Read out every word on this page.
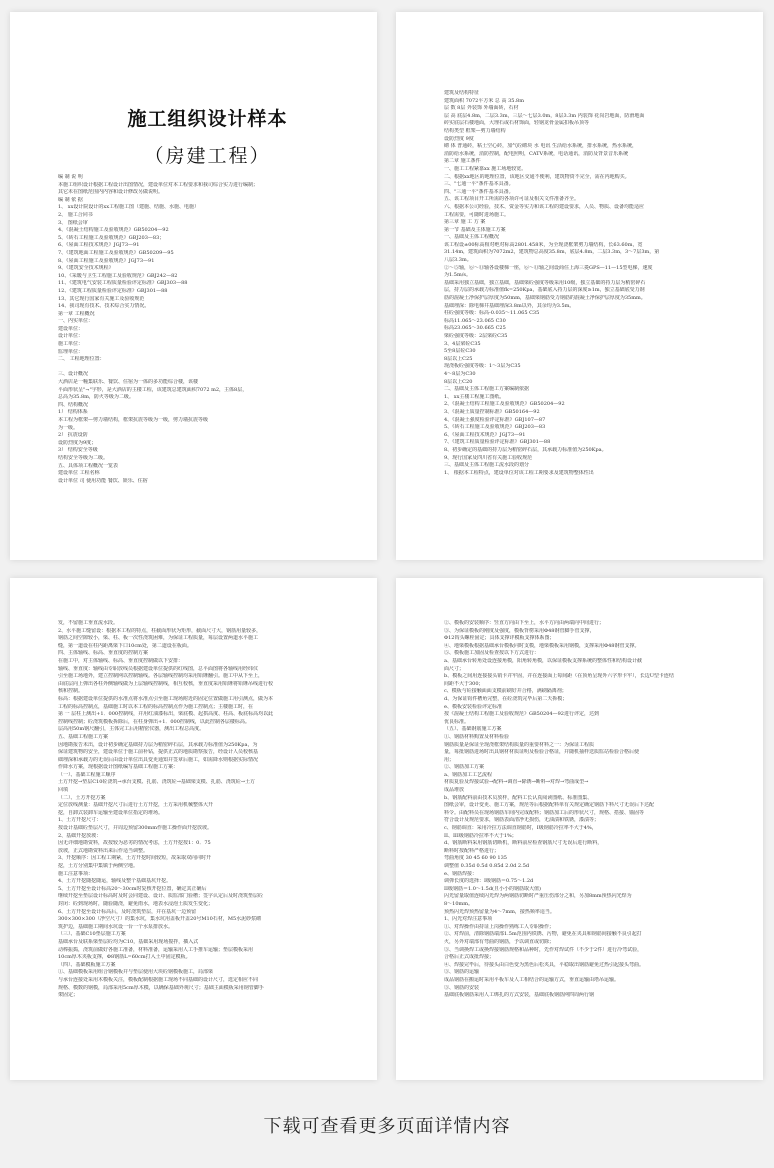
施工组织设计样本
（房建工程）
编 制 说 明
本施工组织设计根据工程设计出图情况，建设单位对本工程要求和我司综合实力进行编制；
其它未在图纸范围内内容和设计修改另做说明。
编 制 依 据
1、 xx设计院设计的xx工程施工图（建施、结施、水施、电施）
2、 施工合同书
3、 图纸会审
4、《混凝土结构施工及验收规范》GB50204—92
5、《砖石工程施工及验收规范》GBJ203—83；
6、《屋面工程技术规范》JGJ73—91
7、《建筑地面工程施工及验收规范》GB50209—95
8、《屋面工程施工及验收规范》JGJ73—91
9、《建筑安全技术规程》
10、《采暖与卫生工程施工及验收规范》GBJ242—82
11、《建筑电气安装工程质量检验评定标准》GBJ303—88
12、《建筑工程质量检验评定标准》GBJ301—88
13、其它现行国家有关施工及验收规范
14、我司现有技术、技术综合实力情况。
第一章 工程概况
一、内实单位：
建设单位：
设计单位：
施工单位：
监理单位：
二、 工程地理位置：

三、设计概况
大酒店是一幢集联乐、餐饮、住宿为一体的多功能综合楼，该楼
平面形状呈"¬"字形，是大酒店的主楼工程，该建筑总建筑面积7072 m2，主体8层，
总高为35.8m，防火等级为二级。
四、结构概况
1） 结构体系
本工程为框架—剪力墙结构，框架抗震等级为一级，剪力墙抗震等级
为一级。
2） 抗震设防
设防烈度为9度；
3） 结构安全等级
结构安全等级为二级。
五、具体项工程概况一览表
建设单位 工程名称
设计单位 司 使用功能 餐饮、娱乐、住宿
建筑及结构特征
建筑面积 7072平方米 总 高 35.8m
层 数 8层 外装饰 外墙面砖，石材
层 高 底层4.8m，二层3.3m，三层～七层3.0m，8层3.3m 内装饰 花岗岩地面，防滑地面
砖实底层石楼地面，大理石或石材饰面，轻钢龙骨金属扣板吊顶等
结构类型 框架—剪力墙结构
设防烈度 9度
砌 体 普通砖，粘土空心砖，加气砼砌块 水 电讯 生活给水系统，排水系统，热水系统，
消防给水系统，消防控制，配电照明，CATV系统，电话通讯，消防及背景音乐系统
第二章 施工条件
一、施工工程紧靠xx 施工场地较宽。
二、根据xx地区的地理位置，该地区交通不便利，建筑物资不完全，需在内地购买。
三、"七通一平"条件基本具备。
四、"三通一平"条件基本具备。
五、该工程项目开工所需的各项许可证及相关文件准备齐全。
六、根据本公司经验，技术、资金等实力和该工程的建设要求，人员、物质、设备均能适应
工程需要，可随时进场施工。
第三章 施 工 方 案
第一节 基础及主体施工方案
一、基础及主体工程概况
该工程设±00标高相对绝对标高2801.458米，为全现浇框架剪力墙结构，长63.60m，宽
31.14m，建筑面积为7072m2，建筑物总高度35.8m，底层4.8m，二层3.3m，3～7层3m，第
八层3.3m。
②～⑤轴，⑥～⑪轴各设楼梯一座，⑥～⑪轴之间设商住上海三菱GPS—11—15型电梯，速度
为1.5m/s。
基础采用独立基础，独立基础，基础梁砼强度等级采用10级，独立基础的持力层为稍密碎石
层，持力层的承载力标准值fk=250Kpa，基础底入持力层的深度≥1m，独立基础底受力钢
筋的混凝土净保护层厚度为50mm，基础梁钢筋受力钢筋的混凝土净保护层厚度为35mm。
基础埋深：除电梯井基础埋深3.8m以外，其余均为3.5m。
柱砼强度等级：标高-0.035～11.065 C35
标高11.065～23.065 C30
标高23.065～30.665 C25
梁砼强度等级：2层梁砼C35
3、4层梁砼C35
5至8层砼C30
8层以上C25
现浇板砼强度等级：1～3层为C35
4～8层为C30
8层以上C20
二、基础及主体工程施工方案编制依据
1、 xx主楼工程施工图纸。
2、《混凝土结构工程施工及验收规范》GB50204—92
3、《混凝土质量控制标准》GB50164—92
4、《混凝土强度检验评定标准》GBJ107—87
5、《砖石工程施工及验收规范》GBJ203—83
6、《屋面工程技术规范》JGJ73—91
7、《建筑工程质量检验评定标准》GBJ301—88
8、初步确定的基础的持力层为稍密碎石层，其承载力标准值为250Kpa。
9、现行国家及四川省有关施工验收规范
三、基础及主体工程施工流水段的划分
1、 根据本工程特点，建设单位对该工程工期要求及建筑物整体性出
发，不留施工垂直流水段。
2、水平施工缝留设：根据本工程的特点，柱截面形状为矩形，截面尺寸大，钢筋用量较多，
钢筋之间空隙较小，梁、柱、板一次性浇筑困难，为保证工程质量，每层设置两道水平施工
缝，第一道设在柱内距离梁下口10cm处，第二道设在板面。
四、主体轴线、标高、垂直度的控制方案
在施工中，对主体轴线、标高、垂直度控制做以下安排：
轴线、垂直度：轴线由专职放线员根据建设单位提供的红线图，总平面图将各轴线用经纬仪
引至施工场地外，建立控制网以控制轴线。各层轴线控制均采用铅锤翻引。施工中从下至上，
由底层向上弹出各柱外侧轴线做为上层轴线控制线，相互校核，垂直度采用铅锤将铅锤吊线进行校
核和控制。
标高：根据建设单位提供的水准点将水准点引至施工现场附近的固定位置做施工用引测点，做为本
工程的标高控制点，基础施工时以本工程的标高控制点作为施工控制点；主楼施工时，在
第 一 层柱上测出+1．000控制线，并用红油漆标出，梁底模、起拱高度、柱高、板底标高均以此
控制线控制；砼浇筑模板拆除后，在柱身弹出+1．000控制线，以此控制各层楼标高。
层高用50m钢尺翻引，主体完工后用精密仪器，测出工程总高度。
五、基础工程施工方案
因地勘报告未出，设计初步确定基础持力层为稍密碎石层，其承载力标准值为250Kpa，为
保证建筑物的安全，建设单位于施工前补钻，提供正式的地质勘察报告，经设计人员校核基
础埋深和承载力的无误后由设计单位出具变更通知并签章后施工，如需降水则根据实际情况
作降水方案，现根据设计图纸编写基础工程施工方案：
（一）、基础工程施工顺序
土方开挖→垫层C10砼浇筑→承台支模、扎筋、浇筑砼→基础梁支模、扎筋、浇筑砼→土方
回填
（二）、土方开挖方案
定位放线测量：基础开挖尺寸后进行土方开挖，土方采用机械整体大开
挖，自卸式装卸车运输至建设单位指定的堆场。
1、土方开挖尺寸：
按设计基础砼垫层尺寸，并周边预留300mm作施工操作面开挖放坡。
2、基础开挖放坡：
因无详细地勘资料，故按较为恶劣的情况考虑，土方开挖按1：0．75
放坡，正式地勘资料出来后作适当调整。
3、开挖顺序：因工程工期紧，土方开挖时间较短，故采取双向同时开
挖，土方分别集中集镇于两侧空地。
施工注意事项：
4、土方开挖随挖随运，轴线及整个基础基坑开挖。
5、土方开挖至设计标高20～30cm时复核开挖位置，确定其正确后
继续开挖至垫层设计标高时及时会同建设、设计、质监部门验槽；签字认定后及时浇筑垫层砼
封闭：砼到现场时，随验随浇，避免雨水，地表水浸泡土质发生变化；
6、土方开挖至设计标高后，及时浇筑垫层，并在基坑一边预留
300×300×300（净空尺寸）的集水坑，集水坑用盖板开盖20号M10石材，M5水泥砂浆砌
筑护边，基础施工期间水坑设一台一个水泵排放水。
（三）、基础C10垫层施工方案
基础承台及联系梁垫层砼均为C10，基础采用现场搅拌，插入式
动棒振捣，浇筑前做好各施工准备，材料准备，运输采用人工手推车运输；垫层模板采用
10cm厚木夹板支撑，Φ8钢筋L=60cm打入土中固定模板。
（四）、基础模板施工方案
①、基础模板采用组合钢模板并与垫层使用大块砼钢模板施工，局部梁
与承台连接处采用木模板关注，模板配制根据施工现场不同基础的设计尺寸，选定相应不同
规格、模数的钢模，局部采用5cm厚木模，以确保基础外观尺寸；基础主面模板采用钢管脚手
架固定；
②、模板的安装顺序：竖直方向由下至上，水平方向由两端向中间进行；
③、为保证模板的刚度及强度，模板背楞采用Φ48钢管脚手管支撑，
Φ12钩头螺栓固定；具体支撑详模板支撑体系图；
④、地梁模板根据基础承台模板同时支模，地梁模板采用钢模，支撑采用Φ48钢管支撑。
⑤、模板施工加固及检查按以下方式进行：
a、基础承台转角处设连接角模，阳角转角模，以保证模板支撑系统的整体性和结构设计截
面尺寸；
b、模板之间用连接接头销卡并牢固，并在连接面上每间距（在顶角呈现外六字形卡牢），长边U型卡连结
间距不大于300；
c、模板与砼接触面面支模前刷好并合格，满刷隔离剂；
d、为保证钩件槽角完整，在砼浇筑完毕后第二天拆模；
e、模板安装检验评定标准
按《混凝土结构工程施工及验收规范》GB50204—92进行评定，达到
优良标准。
（五）、基础钢筋施工方案
①、钢筋材料购置及材料检验
钢筋质量是保证全现浇框架结构质量的重要材料之一：为保证工程质
量，每批钢筋进场时出具钢材材质证明及检验合格证，并随机抽样送质监站检验合格后使
用；
②、钢筋加工方案
a、钢筋加工工艺流程
材质复验及焊接试验→配料→调直→除锈→断料→对焊→弯曲成型→
成品堆放
b、钢筋配料前由技术员放样，配料工长认真阅读图纸、标准图集、
图纸会审，设计变更、施工方案，规范等后根据配料单有关规定确定钢筋下料尺寸无误后下达配
料令。由配料员在现场钢筋车间内完成配料；钢筋加工后的形状尺寸，规格、搭接、锚固等
符合设计及规范要求，钢筋表面清净无损伤，无油渍和铁锈，漆渍等；
c、钢筋调直：采用冷拉方法调直钢筋时，I级钢筋冷拉率不大于4%，
II、III级钢筋冷拉率不大于1%；
d、钢筋断料采用钢筋切断机，断料前应检查钢筋尺寸无误后进行断料，
断料时按配料严格进行；
弯曲角度 30 45 60 90 135
调整值 0.35d 0.5d 0.85d 2.0d 2.5d
e、钢筋焊接：
调弹长度的选择：I级钢筋＝0.75～1.2d
II级钢筋＝1.0～1.5d(且小小的钢筋取大值)
闪光留量取值连续闪光焊为两钢筋切断时严重压伤部分之和，另加8mm预热闪光焊为
8～10mm。
预热闪光焊预热留量为4～7mm，接热频率适当。
1、闪光对焊注意事项
①、对焊操作由持证上岗操作熟练工人专职操作；
②、对焊前，清除钢筋端部1.5m范围内铁锈、污物，避免在夹具和钢筋间接触不良引起打
火，另外对端部有弯曲的钢筋，予以调直或切除；
③、当调换焊工或换焊接钢筋规格和品种时，先作对焊试件（不少于2件）进行冷弯试验，
合格后正式成批焊接；
④、焊接完毕后，待接头由白色变为黑色后松夹具，平稳取出钢筋避免过热引起接头弯曲。
③、钢筋的运输
成品钢筋在搬运时采用平板车及人工相结合的运输方式，垂直运输由塔吊运输。
③、钢筋的安装
基础底板钢筋采用人工绑扎的方式安装，基础底板钢筋网四周两行钢
下载可查看更多页面详情内容
